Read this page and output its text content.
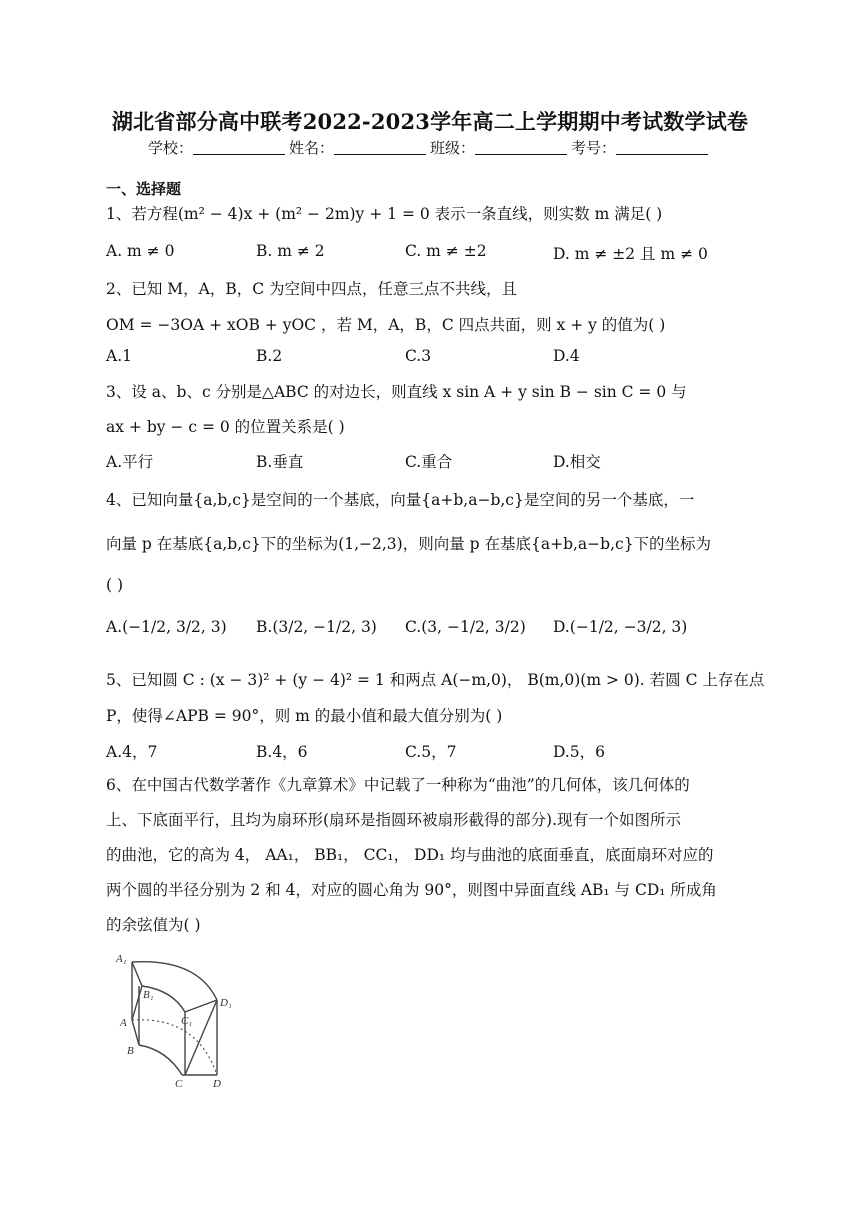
湖北省部分高中联考2022-2023学年高二上学期期中考试数学试卷
学校：	姓名：	班级：	考号：
一、选择题
1、若方程(m² − 4)x + (m² − 2m)y + 1 = 0 表示一条直线，则实数 m 满足( )
A. m ≠ 0	B. m ≠ 2	C. m ≠ ±2	D. m ≠ ±2 且 m ≠ 0
2、已知 M，A，B，C 为空间中四点，任意三点不共线，且
OM = −3OA + xOB + yOC ，若 M，A，B，C 四点共面，则 x + y 的值为( )
A.1	B.2	C.3	D.4
3、设 a、b、c 分别是△ABC 的对边长，则直线 x sin A + y sin B − sin C = 0 与
ax + by − c = 0 的位置关系是( )
A.平行	B.垂直	C.重合	D.相交
4、已知向量{a,b,c}是空间的一个基底，向量{a+b,a−b,c}是空间的另一个基底，一
向量 p 在基底{a,b,c}下的坐标为(1,−2,3)，则向量 p 在基底{a+b,a−b,c}下的坐标为
( )
A.(−1/2, 3/2, 3) B.(3/2, −1/2, 3) C.(3, −1/2, 3/2) D.(−1/2, −3/2, 3)
5、已知圆 C : (x − 3)² + (y − 4)² = 1 和两点 A(−m,0)， B(m,0)(m > 0). 若圆 C 上存在点
P，使得∠APB = 90°，则 m 的最小值和最大值分别为( )
A.4，7	B.4，6	C.5，7	D.5，6
6、在中国古代数学著作《九章算术》中记载了一种称为“曲池”的几何体，该几何体的
上、下底面平行，且均为扇环形(扇环是指圆环被扇形截得的部分).现有一个如图所示
的曲池，它的高为 4， AA₁， BB₁， CC₁， DD₁ 均与曲池的底面垂直，底面扇环对应的
两个圆的半径分别为 2 和 4，对应的圆心角为 90°，则图中异面直线 AB₁ 与 CD₁ 所成角
的余弦值为( )
A₁
B₁
C₁
D₁
A
B
C	D
